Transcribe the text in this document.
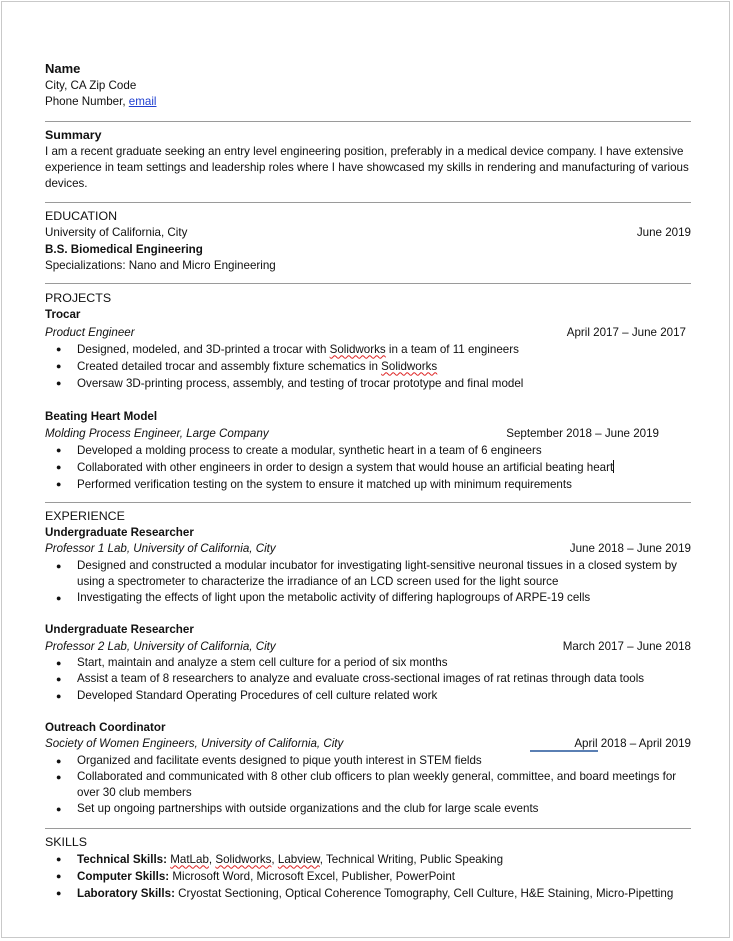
Name
City, CA Zip Code
Phone Number, email
Summary
I am a recent graduate seeking an entry level engineering position, preferably in a medical device company. I have extensive experience in team settings and leadership roles where I have showcased my skills in rendering and manufacturing of various devices.
EDUCATION
University of California, City	June 2019
B.S. Biomedical Engineering
Specializations: Nano and Micro Engineering
PROJECTS
Trocar
Product Engineer	April 2017 – June 2017
● Designed, modeled, and 3D-printed a trocar with Solidworks in a team of 11 engineers
● Created detailed trocar and assembly fixture schematics in Solidworks
● Oversaw 3D-printing process, assembly, and testing of trocar prototype and final model
Beating Heart Model
Molding Process Engineer, Large Company	September 2018 – June 2019
● Developed a molding process to create a modular, synthetic heart in a team of 6 engineers
● Collaborated with other engineers in order to design a system that would house an artificial beating heart
● Performed verification testing on the system to ensure it matched up with minimum requirements
EXPERIENCE
Undergraduate Researcher
Professor 1 Lab, University of California, City	June 2018 – June 2019
● Designed and constructed a modular incubator for investigating light-sensitive neuronal tissues in a closed system by using a spectrometer to characterize the irradiance of an LCD screen used for the light source
● Investigating the effects of light upon the metabolic activity of differing haplogroups of ARPE-19 cells
Undergraduate Researcher
Professor 2 Lab, University of California, City	March 2017 – June 2018
● Start, maintain and analyze a stem cell culture for a period of six months
● Assist a team of 8 researchers to analyze and evaluate cross-sectional images of rat retinas through data tools
● Developed Standard Operating Procedures of cell culture related work
Outreach Coordinator
Society of Women Engineers, University of California, City	April 2018 – April 2019
● Organized and facilitate events designed to pique youth interest in STEM fields
● Collaborated and communicated with 8 other club officers to plan weekly general, committee, and board meetings for over 30 club members
● Set up ongoing partnerships with outside organizations and the club for large scale events
SKILLS
● Technical Skills: MatLab, Solidworks, Labview, Technical Writing, Public Speaking
● Computer Skills: Microsoft Word, Microsoft Excel, Publisher, PowerPoint
● Laboratory Skills: Cryostat Sectioning, Optical Coherence Tomography, Cell Culture, H&E Staining, Micro-Pipetting
